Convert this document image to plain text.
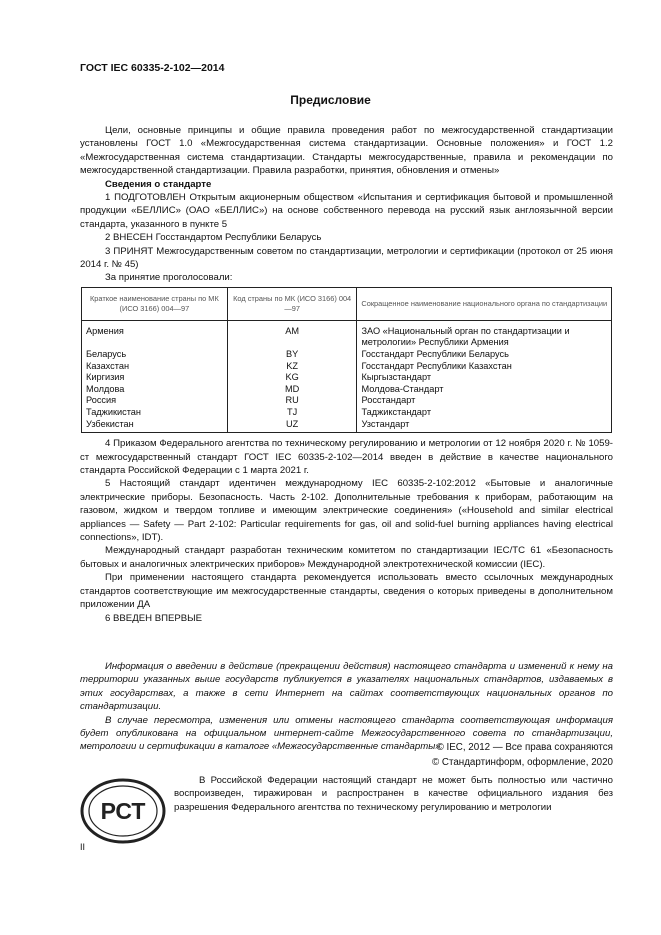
ГОСТ IEC 60335-2-102—2014
Предисловие

Цели, основные принципы и общие правила проведения работ по межгосударственной стандартизации установлены ГОСТ 1.0 «Межгосударственная система стандартизации. Основные положения» и ГОСТ 1.2 «Межгосударственная система стандартизации. Стандарты межгосударственные, правила и рекомендации по межгосударственной стандартизации. Правила разработки, принятия, обновления и отмены»

Сведения о стандарте

1 ПОДГОТОВЛЕН Открытым акционерным обществом «Испытания и сертификация бытовой и промышленной продукции «БЕЛЛИС» (ОАО «БЕЛЛИС») на основе собственного перевода на русский язык англоязычной версии стандарта, указанного в пункте 5

2 ВНЕСЕН Госстандартом Республики Беларусь

3 ПРИНЯТ Межгосударственным советом по стандартизации, метрологии и сертификации (протокол от 25 июня 2014 г. № 45)

За принятие проголосовали:

Краткое наименование страны по МК (ИСО 3166) 004—97	Код страны по МК (ИСО 3166) 004—97	Сокращенное наименование национального органа по стандартизации
Армения	AM	ЗАО «Национальный орган по стандартизации и метрологии» Республики Армения
Беларусь	BY	Госстандарт Республики Беларусь
Казахстан	KZ	Госстандарт Республики Казахстан
Киргизия	KG	Кыргызстандарт
Молдова	MD	Молдова-Стандарт
Россия	RU	Росстандарт
Таджикистан	TJ	Таджикстандарт
Узбекистан	UZ	Узстандарт

4 Приказом Федерального агентства по техническому регулированию и метрологии от 12 ноября 2020 г. № 1059-ст межгосударственный стандарт ГОСТ IEC 60335-2-102—2014 введен в действие в качестве национального стандарта Российской Федерации с 1 марта 2021 г.

5 Настоящий стандарт идентичен международному IEC 60335-2-102:2012 «Бытовые и аналогичные электрические приборы. Безопасность. Часть 2-102. Дополнительные требования к приборам, работающим на газовом, жидком и твердом топливе и имеющим электрические соединения» («Household and similar electrical appliances — Safety — Part 2-102: Particular requirements for gas, oil and solid-fuel burning appliances having electrical connections», IDT).

Международный стандарт разработан техническим комитетом по стандартизации IEC/TC 61 «Безопасность бытовых и аналогичных электрических приборов» Международной электротехнической комиссии (IEC).

При применении настоящего стандарта рекомендуется использовать вместо ссылочных международных стандартов соответствующие им межгосударственные стандарты, сведения о которых приведены в дополнительном приложении ДА

6 ВВЕДЕН ВПЕРВЫЕ

Информация о введении в действие (прекращении действия) настоящего стандарта и изменений к нему на территории указанных выше государств публикуется в указателях национальных стандартов, издаваемых в этих государствах, а также в сети Интернет на сайтах соответствующих национальных органов по стандартизации.

В случае пересмотра, изменения или отмены настоящего стандарта соответствующая информация будет опубликована на официальном интернет-сайте Межгосударственного совета по стандартизации, метрологии и сертификации в каталоге «Межгосударственные стандарты»

© IEC, 2012 — Все права сохраняются
© Стандартинформ, оформление, 2020
РСТ

В Российской Федерации настоящий стандарт не может быть полностью или частично воспроизведен, тиражирован и распространен в качестве официального издания без разрешения Федерального агентства по техническому регулированию и метрологии

II
